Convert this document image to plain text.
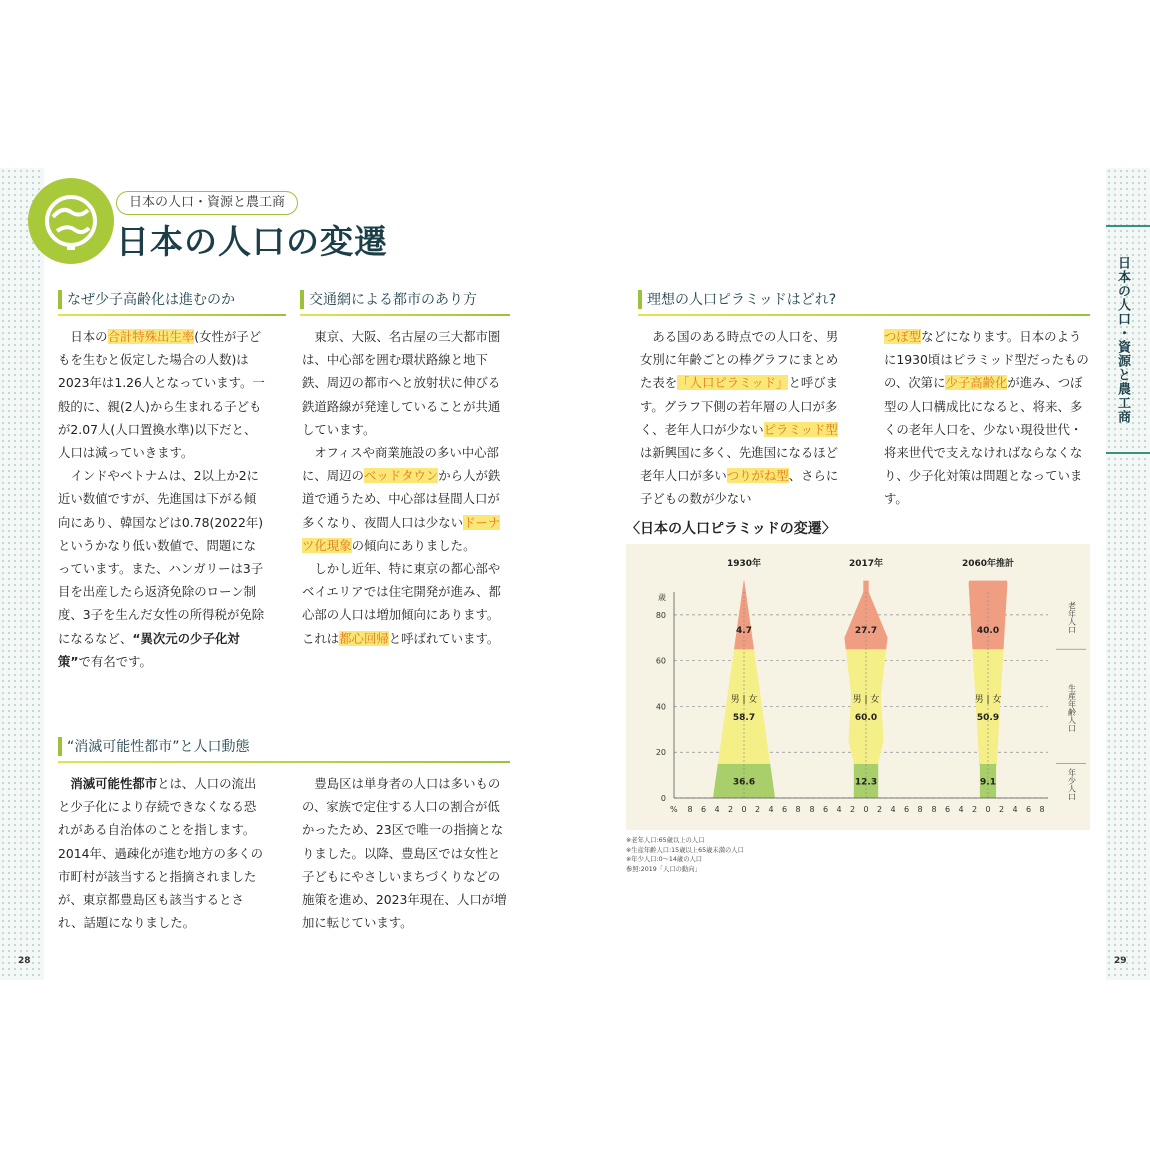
日本の人口・資源と農工商
28	29
日本の人口・資源と農工商
日本の人口の変遷
なぜ少子高齢化は進むのか

日本の合計特殊出生率(女性が子どもを生むと仮定した場合の人数)は2023年は1.26人となっています。一般的に、親(2人)から生まれる子どもが2.07人(人口置換水準)以下だと、人口は減っていきます。

インドやベトナムは、2以上か2に近い数値ですが、先進国は下がる傾向にあり、韓国などは0.78(2022年)というかなり低い数値で、問題になっています。また、ハンガリーは3子目を出産したら返済免除のローン制度、3子を生んだ女性の所得税が免除になるなど、“異次元の少子化対策”で有名です。

交通網による都市のあり方

東京、大阪、名古屋の三大都市圏は、中心部を囲む環状路線と地下鉄、周辺の都市へと放射状に伸びる鉄道路線が発達していることが共通しています。

オフィスや商業施設の多い中心部に、周辺のベッドタウンから人が鉄道で通うため、中心部は昼間人口が多くなり、夜間人口は少ないドーナツ化現象の傾向にありました。

しかし近年、特に東京の都心部やベイエリアでは住宅開発が進み、都心部の人口は増加傾向にあります。これは都心回帰と呼ばれています。

“消滅可能性都市”と人口動態

消滅可能性都市とは、人口の流出と少子化により存続できなくなる恐れがある自治体のことを指します。2014年、過疎化が進む地方の多くの市町村が該当すると指摘されましたが、東京都豊島区も該当するとされ、話題になりました。

豊島区は単身者の人口は多いものの、家族で定住する人口の割合が低かったため、23区で唯一の指摘となりました。以降、豊島区では女性と子どもにやさしいまちづくりなどの施策を進め、2023年現在、人口が増加に転じています。

理想の人口ピラミッドはどれ?

ある国のある時点での人口を、男女別に年齢ごとの棒グラフにまとめた表を「人口ピラミッド」と呼びます。グラフ下側の若年層の人口が多く、老年人口が少ないピラミッド型は新興国に多く、先進国になるほど老年人口が多いつりがね型、さらに子どもの数が少ない

つぼ型などになります。日本のように1930頃はピラミッド型だったものの、次第に少子高齢化が進み、つぼ型の人口構成比になると、将来、多くの老年人口を、少ない現役世代・将来世代で支えなければならなくなり、少子化対策は問題となっています。

〈日本の人口ピラミッドの変遷〉
老年人口
生産年齢人口
年少人口
0
20
40
60
80
歳
1930年
4.7
男 | 女
58.7
36.6
8 6 4 2 0 2 4 6 8
2017年
27.7
男 | 女
60.0
12.3
8 6 4 2 0 2 4 6 8
2060年推計
40.0
男 | 女
50.9
9.1
8 6 4 2 0 2 4 6 8
%
※老年人口:65歳以上の人口
※生産年齢人口:15歳以上65歳未満の人口
※年少人口:0〜14歳の人口
参照:2019「人口の動向」
